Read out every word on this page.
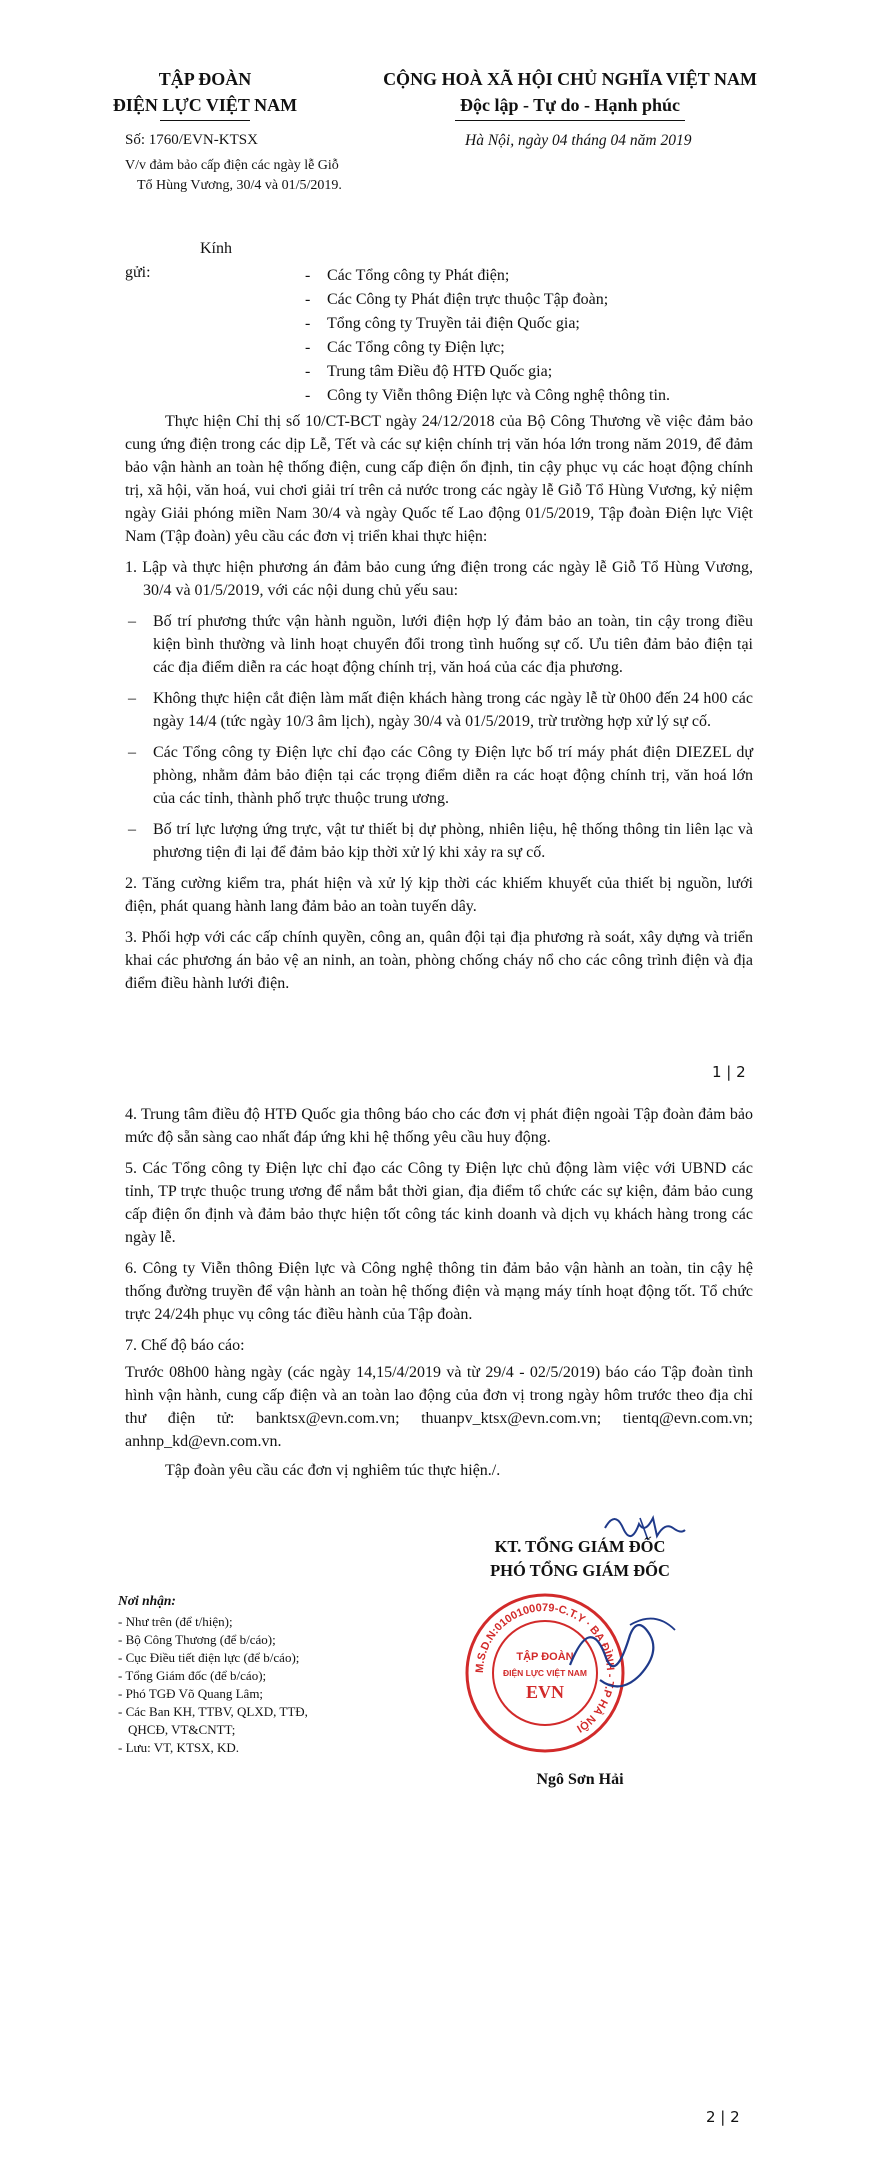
TẬP ĐOÀN
ĐIỆN LỰC VIỆT NAM
CỘNG HOÀ XÃ HỘI CHỦ NGHĨA VIỆT NAM
Độc lập - Tự do - Hạnh phúc
Số: 1760/EVN-KTSX	Hà Nội, ngày 04 tháng 04 năm 2019
V/v đảm bảo cấp điện các ngày lễ Giỗ
Tổ Hùng Vương, 30/4 và 01/5/2019.
Kính
gửi:
-	Các Tổng công ty Phát điện;
- Các Công ty Phát điện trực thuộc Tập đoàn;
- Tổng công ty Truyền tải điện Quốc gia;
- Các Tổng công ty Điện lực;
- Trung tâm Điều độ HTĐ Quốc gia;
- Công ty Viễn thông Điện lực và Công nghệ thông tin.

Thực hiện Chỉ thị số 10/CT-BCT ngày 24/12/2018 của Bộ Công Thương về việc đảm bảo cung ứng điện trong các dịp Lễ, Tết và các sự kiện chính trị văn hóa lớn trong năm 2019, để đảm bảo vận hành an toàn hệ thống điện, cung cấp điện ổn định, tin cậy phục vụ các hoạt động chính trị, xã hội, văn hoá, vui chơi giải trí trên cả nước trong các ngày lễ Giỗ Tổ Hùng Vương, kỷ niệm ngày Giải phóng miền Nam 30/4 và ngày Quốc tế Lao động 01/5/2019, Tập đoàn Điện lực Việt Nam (Tập đoàn) yêu cầu các đơn vị triển khai thực hiện:

1. Lập và thực hiện phương án đảm bảo cung ứng điện trong các ngày lễ Giỗ Tổ Hùng Vương, 30/4 và 01/5/2019, với các nội dung chủ yếu sau:

– Bố trí phương thức vận hành nguồn, lưới điện hợp lý đảm bảo an toàn, tin cậy trong điều kiện bình thường và linh hoạt chuyển đổi trong tình huống sự cố. Ưu tiên đảm bảo điện tại các địa điểm diễn ra các hoạt động chính trị, văn hoá của các địa phương.

– Không thực hiện cắt điện làm mất điện khách hàng trong các ngày lễ từ 0h00 đến 24 h00 các ngày 14/4 (tức ngày 10/3 âm lịch), ngày 30/4 và 01/5/2019, trừ trường hợp xử lý sự cố.

– Các Tổng công ty Điện lực chỉ đạo các Công ty Điện lực bố trí máy phát điện DIEZEL dự phòng, nhằm đảm bảo điện tại các trọng điểm diễn ra các hoạt động chính trị, văn hoá lớn của các tỉnh, thành phố trực thuộc trung ương.

– Bố trí lực lượng ứng trực, vật tư thiết bị dự phòng, nhiên liệu, hệ thống thông tin liên lạc và phương tiện đi lại để đảm bảo kịp thời xử lý khi xảy ra sự cố.

2. Tăng cường kiểm tra, phát hiện và xử lý kịp thời các khiếm khuyết của thiết bị nguồn, lưới điện, phát quang hành lang đảm bảo an toàn tuyến dây.

3. Phối hợp với các cấp chính quyền, công an, quân đội tại địa phương rà soát, xây dựng và triển khai các phương án bảo vệ an ninh, an toàn, phòng chống cháy nổ cho các công trình điện và địa điểm điều hành lưới điện.

1 | 2

4. Trung tâm điều độ HTĐ Quốc gia thông báo cho các đơn vị phát điện ngoài Tập đoàn đảm bảo mức độ sẵn sàng cao nhất đáp ứng khi hệ thống yêu cầu huy động.

5. Các Tổng công ty Điện lực chỉ đạo các Công ty Điện lực chủ động làm việc với UBND các tỉnh, TP trực thuộc trung ương để nắm bắt thời gian, địa điểm tổ chức các sự kiện, đảm bảo cung cấp điện ổn định và đảm bảo thực hiện tốt công tác kinh doanh và dịch vụ khách hàng trong các ngày lễ.

6. Công ty Viễn thông Điện lực và Công nghệ thông tin đảm bảo vận hành an toàn, tin cậy hệ thống đường truyền để vận hành an toàn hệ thống điện và mạng máy tính hoạt động tốt. Tổ chức trực 24/24h phục vụ công tác điều hành của Tập đoàn.

7. Chế độ báo cáo:

Trước 08h00 hàng ngày (các ngày 14,15/4/2019 và từ 29/4 - 02/5/2019) báo cáo Tập đoàn tình hình vận hành, cung cấp điện và an toàn lao động của đơn vị trong ngày hôm trước theo địa chỉ thư điện tử: banktsx@evn.com.vn; thuanpv_ktsx@evn.com.vn; tientq@evn.com.vn; anhnp_kd@evn.com.vn.

Tập đoàn yêu cầu các đơn vị nghiêm túc thực hiện./.

KT. TỔNG GIÁM ĐỐC
PHÓ TỔNG GIÁM ĐỐC
M.S.D.N:0100100079-C.T.Y · BA ĐÌNH - T.P HÀ NỘI
TẬP ĐOÀN
ĐIỆN LỰC VIỆT NAM
EVN
Ngô Sơn Hải
Nơi nhận:
- Như trên (để t/hiện);
- Bộ Công Thương (để b/cáo);
- Cục Điều tiết điện lực (để b/cáo);
- Tổng Giám đốc (để b/cáo);
- Phó TGĐ Võ Quang Lâm;
- Các Ban KH, TTBV, QLXD, TTĐ,
QHCĐ, VT&CNTT;
- Lưu: VT, KTSX, KD.
2 | 2
